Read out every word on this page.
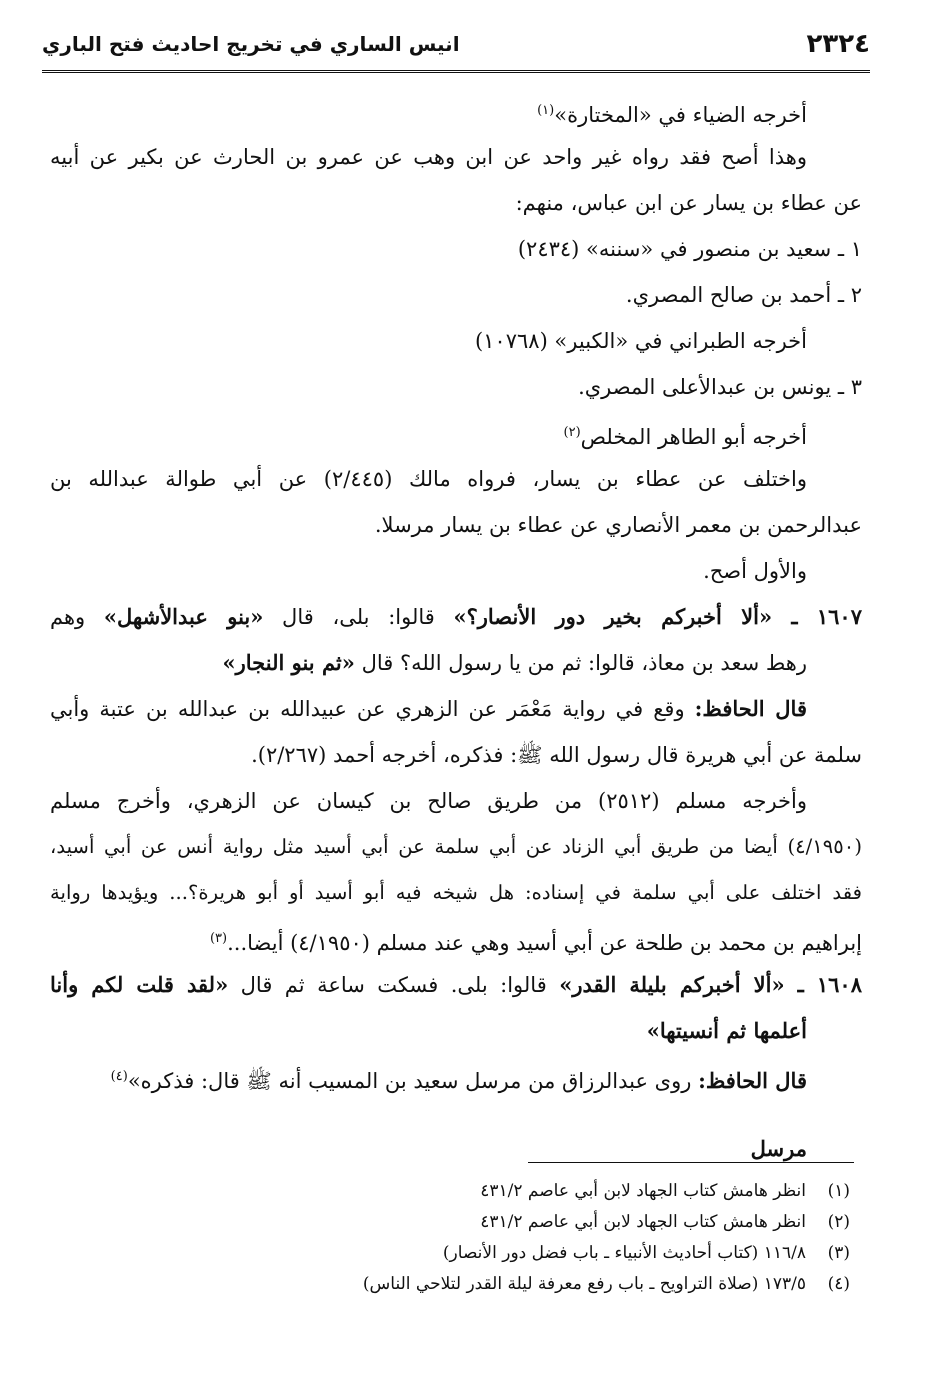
٢٣٢٤
انيس الساري في تخريج احاديث فتح الباري
أخرجه الضياء في «المختارة»$^{(١)}$
وهذا أصح فقد رواه غير واحد عن ابن وهب عن عمرو بن الحارث عن بكير عن أبيه
عن عطاء بن يسار عن ابن عباس، منهم:
١ ـ سعيد بن منصور في «سننه» (٢٤٣٤)
٢ ـ أحمد بن صالح المصري.
أخرجه الطبراني في «الكبير» (١٠٧٦٨)
٣ ـ يونس بن عبدالأعلى المصري.
أخرجه أبو الطاهر المخلص$^{(٢)}$
واختلف عن عطاء بن يسار، فرواه مالك (٢/٤٤٥) عن أبي طوالة عبدالله بن
عبدالرحمن بن معمر الأنصاري عن عطاء بن يسار مرسلا.
والأول أصح.
١٦٠٧ ـ «ألا أخبركم بخير دور الأنصار؟» قالوا: بلى، قال «بنو عبدالأشهل» وهم
رهط سعد بن معاذ، قالوا: ثم من يا رسول الله؟ قال «ثم بنو النجار»
قال الحافظ: وقع في رواية مَعْمَر عن الزهري عن عبيدالله بن عبدالله بن عتبة وأبي
سلمة عن أبي هريرة قال رسول الله ﷺ: فذكره، أخرجه أحمد (٢/٢٦٧).
وأخرجه مسلم (٢٥١٢) من طريق صالح بن كيسان عن الزهري، وأخرج مسلم
(٤/١٩٥٠) أيضا من طريق أبي الزناد عن أبي سلمة عن أبي أسيد مثل رواية أنس عن أبي أسيد،
فقد اختلف على أبي سلمة في إسناده: هل شيخه فيه أبو أسيد أو أبو هريرة؟... ويؤيدها رواية
إبراهيم بن محمد بن طلحة عن أبي أسيد وهي عند مسلم (٤/١٩٥٠) أيضا...$^{(٣)}$
١٦٠٨ ـ «ألا أخبركم بليلة القدر» قالوا: بلى. فسكت ساعة ثم قال «لقد قلت لكم وأنا
أعلمها ثم أنسيتها»
قال الحافظ: روى عبدالرزاق من مرسل سعيد بن المسيب أنه ﷺ قال: فذكره»$^{(٤)}$
مرسل
(١)انظر هامش كتاب الجهاد لابن أبي عاصم ٤٣١/٢
(٢)انظر هامش كتاب الجهاد لابن أبي عاصم ٤٣١/٢
(٣)١١٦/٨ (كتاب أحاديث الأنبياء ـ باب فضل دور الأنصار)
(٤)١٧٣/٥ (صلاة التراويح ـ باب رفع معرفة ليلة القدر لتلاحي الناس)
